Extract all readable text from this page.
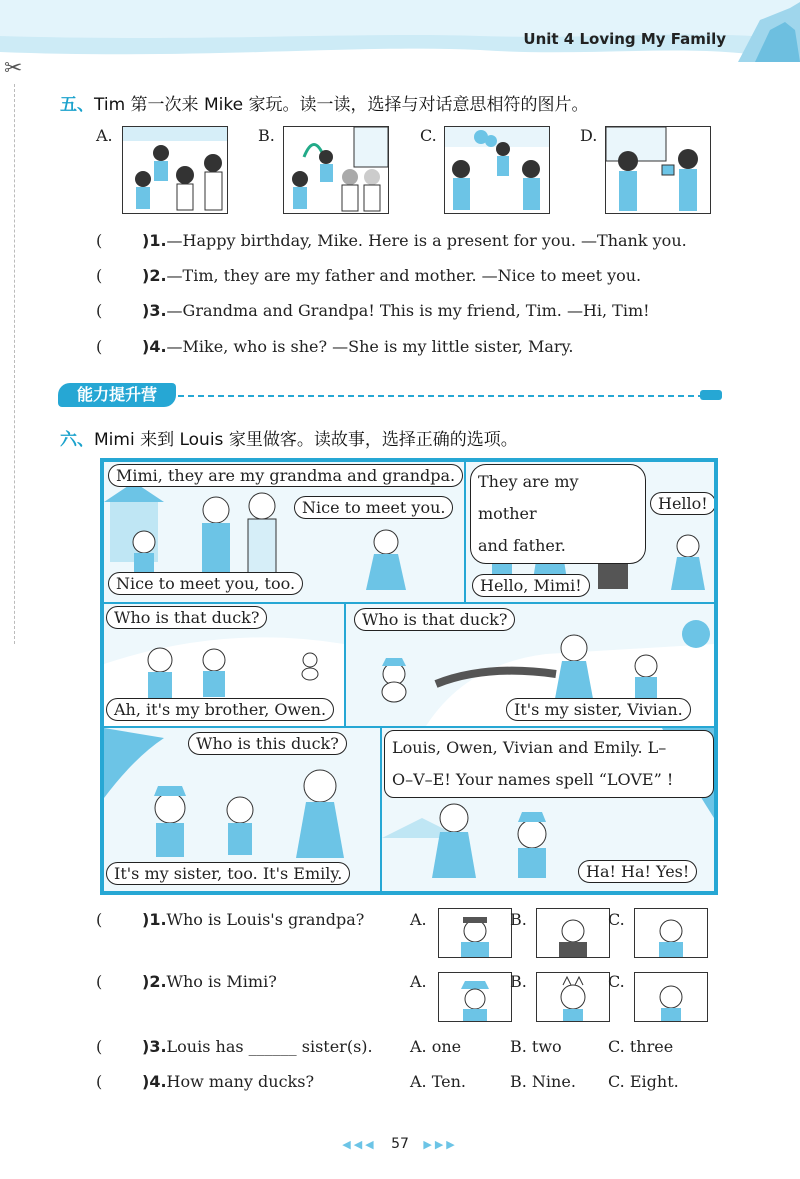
Unit 4 Loving My Family
✂
五、Tim 第一次来 Mike 家玩。读一读，选择与对话意思相符的图片。
A.	B.	C.	D.
( )1.—Happy birthday, Mike. Here is a present for you. —Thank you.
( )2.—Tim, they are my father and mother. —Nice to meet you.
( )3.—Grandma and Grandpa! This is my friend, Tim. —Hi, Tim!
( )4.—Mike, who is she? —She is my little sister, Mary.
能力提升营
六、Mimi 来到 Louis 家里做客。读故事，选择正确的选项。
Mimi, they are my grandma and grandpa.
Nice to meet you.
Nice to meet you, too.
They are my mother
and father.
Hello!
Hello, Mimi!
Who is that duck?
Ah, it's my brother, Owen.
Who is that duck?
It's my sister, Vivian.
Who is this duck?
It's my sister, too. It's Emily.
Louis, Owen, Vivian and Emily. L–
O–V–E! Your names spell “LOVE” !
Ha! Ha! Yes!
( )1.Who is Louis's grandpa?	A.	B.	C.
( )2.Who is Mimi?	A.	B.	C.
( )3.Louis has ______ sister(s). A. one	B. two	C. three
( )4.How many ducks?	A. Ten.	B. Nine. C. Eight.
◀◀◀ 57 ▶▶▶
